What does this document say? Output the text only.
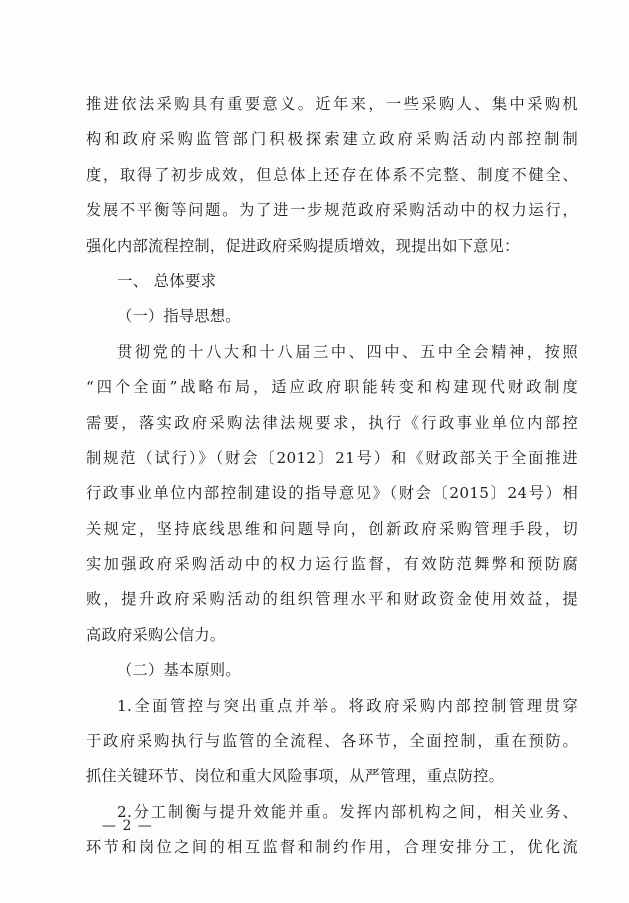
推进依法采购具有重要意义。近年来，一些采购人、集中采购机
构和政府采购监管部门积极探索建立政府采购活动内部控制制
度，取得了初步成效，但总体上还存在体系不完整、制度不健全、
发展不平衡等问题。为了进一步规范政府采购活动中的权力运行，
强化内部流程控制，促进政府采购提质增效，现提出如下意见：
一、 总体要求
（一）指导思想。
贯彻党的十八大和十八届三中、四中、五中全会精神，按照
“四个全面”战略布局，适应政府职能转变和构建现代财政制度
需要，落实政府采购法律法规要求，执行《行政事业单位内部控
制规范（试行）》（财会〔2012〕21号）和《财政部关于全面推进
行政事业单位内部控制建设的指导意见》（财会〔2015〕24号）相
关规定，坚持底线思维和问题导向，创新政府采购管理手段，切
实加强政府采购活动中的权力运行监督，有效防范舞弊和预防腐
败，提升政府采购活动的组织管理水平和财政资金使用效益，提
高政府采购公信力。
（二）基本原则。
1.全面管控与突出重点并举。将政府采购内部控制管理贯穿
于政府采购执行与监管的全流程、各环节，全面控制，重在预防。
抓住关键环节、岗位和重大风险事项，从严管理，重点防控。
2.分工制衡与提升效能并重。发挥内部机构之间，相关业务、
环节和岗位之间的相互监督和制约作用，合理安排分工，优化流
— 2 —
